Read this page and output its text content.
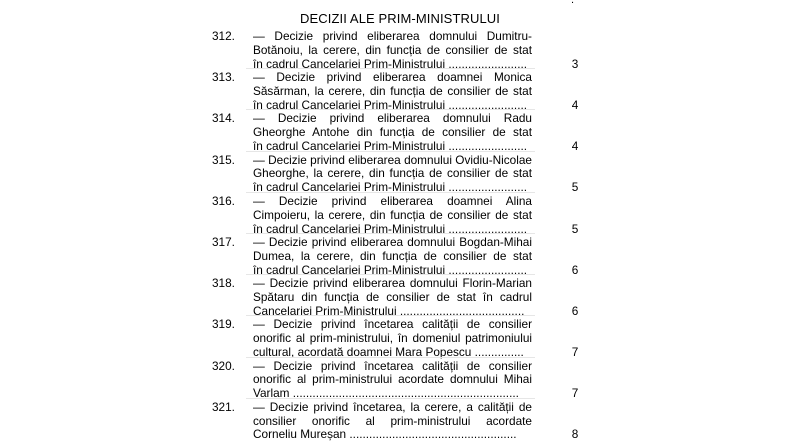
.
DECIZII ALE PRIM-MINISTRULUI
312.	— Decizie privind eliberarea domnului Dumitru-
Botănoiu, la cerere, din funcția de consilier de stat
în cadrul Cancelariei Prim-Ministrului ........................	3
313.	— Decizie privind eliberarea doamnei Monica
Săsărman, la cerere, din funcția de consilier de stat
în cadrul Cancelariei Prim-Ministrului ........................	4
314.	— Decizie privind eliberarea domnului Radu
Gheorghe Antohe din funcția de consilier de stat
în cadrul Cancelariei Prim-Ministrului ........................	4
315.	— Decizie privind eliberarea domnului Ovidiu-Nicolae
Gheorghe, la cerere, din funcția de consilier de stat
în cadrul Cancelariei Prim-Ministrului ........................	5
316.	— Decizie privind eliberarea doamnei Alina
Cimpoieru, la cerere, din funcția de consilier de stat
în cadrul Cancelariei Prim-Ministrului ........................	5
317.	— Decizie privind eliberarea domnului Bogdan-Mihai
Dumea, la cerere, din funcția de consilier de stat
în cadrul Cancelariei Prim-Ministrului ........................	6
318.	— Decizie privind eliberarea domnului Florin-Marian
Spătaru din funcția de consilier de stat în cadrul
Cancelariei Prim-Ministrului ......................................	6
319.	— Decizie privind încetarea calității de consilier
onorific al prim-ministrului, în domeniul patrimoniului
cultural, acordată doamnei Mara Popescu ...............	7
320.	— Decizie privind încetarea calității de consilier
onorific al prim-ministrului acordate domnului Mihai
Varlam .....................................................................	7
321.	— Decizie privind încetarea, la cerere, a calității de
consilier onorific al prim-ministrului acordate
Corneliu Mureșan ...................................................	8
